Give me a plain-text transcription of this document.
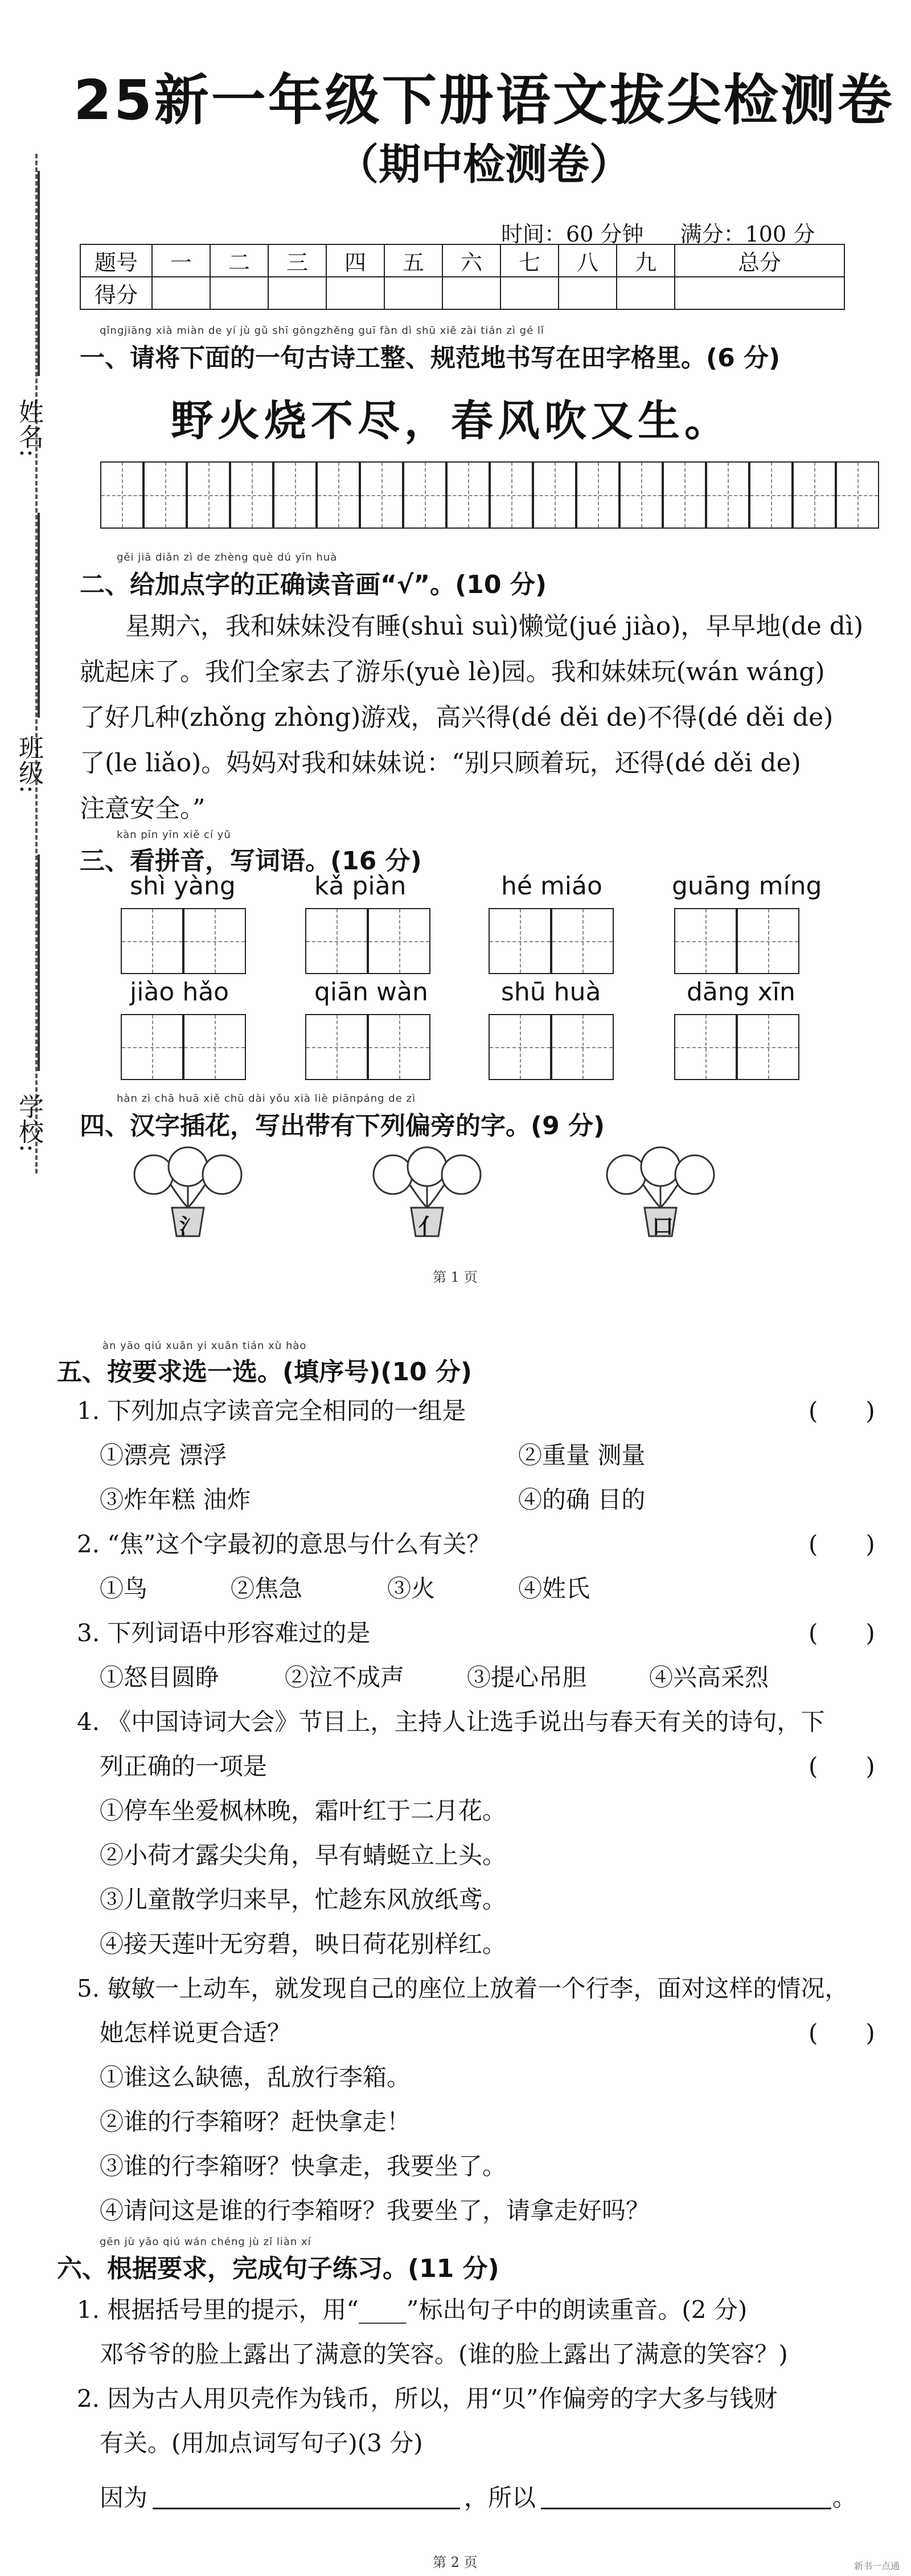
25新一年级下册语文拔尖检测卷
（期中检测卷）
姓名:
班级:
学校:
时间：60 分钟 满分：100 分
题号	一	二	三	四	五	六	七	八	九	总分
得分										
qǐngjiāng xià miàn de yí jù gǔ shī gōngzhěng guī fàn dì shū xiě zài tián zì gé lǐ
一、请将下面的一句古诗工整、规范地书写在田字格里。(6 分)
野火烧不尽，春风吹又生。
gěi jiā diǎn zì de zhèng què dú yīn huà
二、给加点字的正确读音画“√”。(10 分)
星期六，我和妹妹没有睡(shuì suì)懒觉(jué jiào)，早早地(de dì)
就起床了。我们全家去了游乐(yuè lè)园。我和妹妹玩(wán wáng)
了好几种(zhǒng zhòng)游戏，高兴得(dé děi de)不得(dé děi de)
了(le liǎo)。妈妈对我和妹妹说：“别只顾着玩，还得(dé děi de)
注意安全。”
kàn pīn yīn xiě cí yǔ
三、看拼音，写词语。(16 分)
shì yàng	kǎ piàn	hé miáo	guāng míng
jiào hǎo	qiān wàn	shū huà	dāng xīn
hàn zì chā huā xiě chū dài yǒu xià liè piānpáng de zì
四、汉字插花，写出带有下列偏旁的字。(9 分)
氵	亻	口
第 1 页
àn yāo qiú xuǎn yi xuǎn tián xù hào
五、按要求选一选。(填序号)(10 分)
1. 下列加点字读音完全相同的一组是	(　　)
①漂亮 漂浮	②重量 测量
③炸年糕 油炸	④的确 目的
2. “焦”这个字最初的意思与什么有关？	(　　)
①鸟	②焦急	③火	④姓氏
3. 下列词语中形容难过的是	(　　)
①怒目圆睁	②泣不成声	③提心吊胆	④兴高采烈
4. 《中国诗词大会》节目上，主持人让选手说出与春天有关的诗句，下
列正确的一项是	(　　)
①停车坐爱枫林晚，霜叶红于二月花。
②小荷才露尖尖角，早有蜻蜓立上头。
③儿童散学归来早，忙趁东风放纸鸢。
④接天莲叶无穷碧，映日荷花别样红。
5. 敏敏一上动车，就发现自己的座位上放着一个行李，面对这样的情况，
她怎样说更合适？	(　　)
①谁这么缺德，乱放行李箱。
②谁的行李箱呀？赶快拿走！
③谁的行李箱呀？快拿走，我要坐了。
④请问这是谁的行李箱呀？我要坐了，请拿走好吗？
gēn jù yāo qiú wán chéng jù zǐ liàn xí
六、根据要求，完成句子练习。(11 分)
1. 根据括号里的提示，用“____”标出句子中的朗读重音。(2 分)
邓爷爷的脸上露出了满意的笑容。(谁的脸上露出了满意的笑容？)
2. 因为古人用贝壳作为钱币，所以，用“贝”作偏旁的字大多与钱财
有关。(用加点词写句子)(3 分)
因为	，所以	。
第 2 页	新书一点通
